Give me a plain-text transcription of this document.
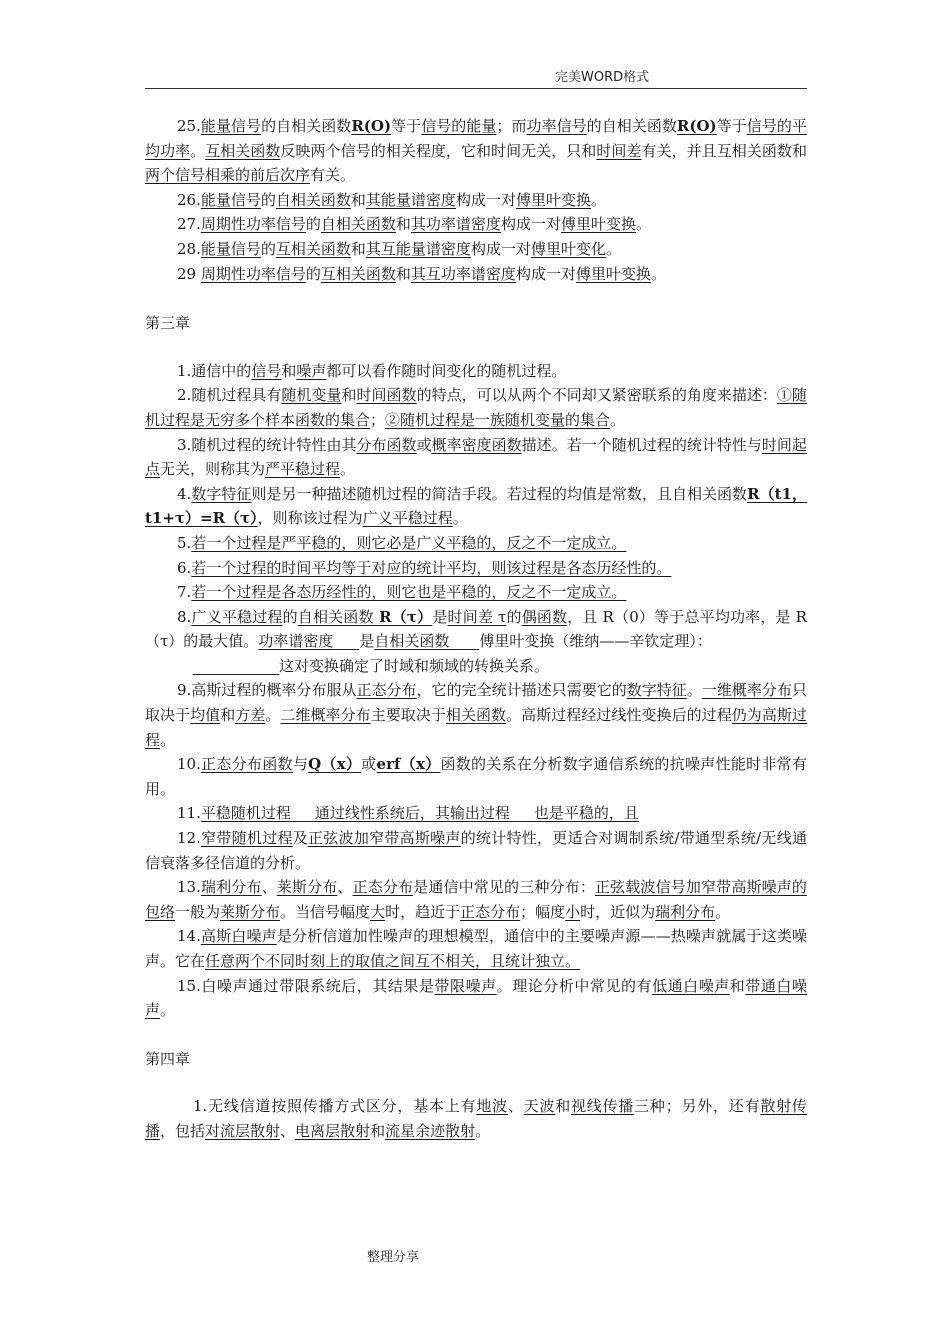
完美WORD格式

25.能量信号的自相关函数R(O)等于信号的能量；而功率信号的自相关函数R(O)等于信号的平均功率。互相关函数反映两个信号的相关程度，它和时间无关，只和时间差有关，并且互相关函数和两个信号相乘的前后次序有关。

26.能量信号的自相关函数和其能量谱密度构成一对傅里叶变换。

27.周期性功率信号的自相关函数和其功率谱密度构成一对傅里叶变换。

28.能量信号的互相关函数和其互能量谱密度构成一对傅里叶变化。

29 周期性功率信号的互相关函数和其互功率谱密度构成一对傅里叶变换。

第三章

1.通信中的信号和噪声都可以看作随时间变化的随机过程。

2.随机过程具有随机变量和时间函数的特点，可以从两个不同却又紧密联系的角度来描述：①随机过程是无穷多个样本函数的集合；②随机过程是一族随机变量的集合。

3.随机过程的统计特性由其分布函数或概率密度函数描述。若一个随机过程的统计特性与时间起点无关，则称其为严平稳过程。

4.数字特征则是另一种描述随机过程的简洁手段。若过程的均值是常数，且自相关函数R（t1，t1+τ）=R（τ），则称该过程为广义平稳过程。

5.若一个过程是严平稳的，则它必是广义平稳的，反之不一定成立。

6.若一个过程的时间平均等于对应的统计平均，则该过程是各态历经性的。

7.若一个过程是各态历经性的，则它也是平稳的，反之不一定成立。

8.广义平稳过程的自相关函数 R（τ）是时间差 τ的偶函数，且 R（0）等于总平均功率，是 R（τ）的最大值。功率谱密度 是自相关函数 傅里叶变换（维纳——辛钦定理）：

这对变换确定了时域和频域的转换关系。

9.高斯过程的概率分布服从正态分布，它的完全统计描述只需要它的数字特征。一维概率分布只取决于均值和方差。二维概率分布主要取决于相关函数。高斯过程经过线性变换后的过程仍为高斯过程。

10.正态分布函数与Q（x）或erf（x）函数的关系在分析数字通信系统的抗噪声性能时非常有用。

11.平稳随机过程 通过线性系统后，其输出过程 也是平稳的，且

12.窄带随机过程及正弦波加窄带高斯噪声的统计特性，更适合对调制系统/带通型系统/无线通信衰落多径信道的分析。

13.瑞利分布、莱斯分布、正态分布是通信中常见的三种分布：正弦载波信号加窄带高斯噪声的包络一般为莱斯分布。当信号幅度大时，趋近于正态分布；幅度小时，近似为瑞利分布。

14.高斯白噪声是分析信道加性噪声的理想模型，通信中的主要噪声源——热噪声就属于这类噪声。它在任意两个不同时刻上的取值之间互不相关，且统计独立。

15.白噪声通过带限系统后，其结果是带限噪声。理论分析中常见的有低通白噪声和带通白噪声。

第四章

1.无线信道按照传播方式区分，基本上有地波、天波和视线传播三种；另外，还有散射传播，包括对流层散射、电离层散射和流星余迹散射。

整理分享
